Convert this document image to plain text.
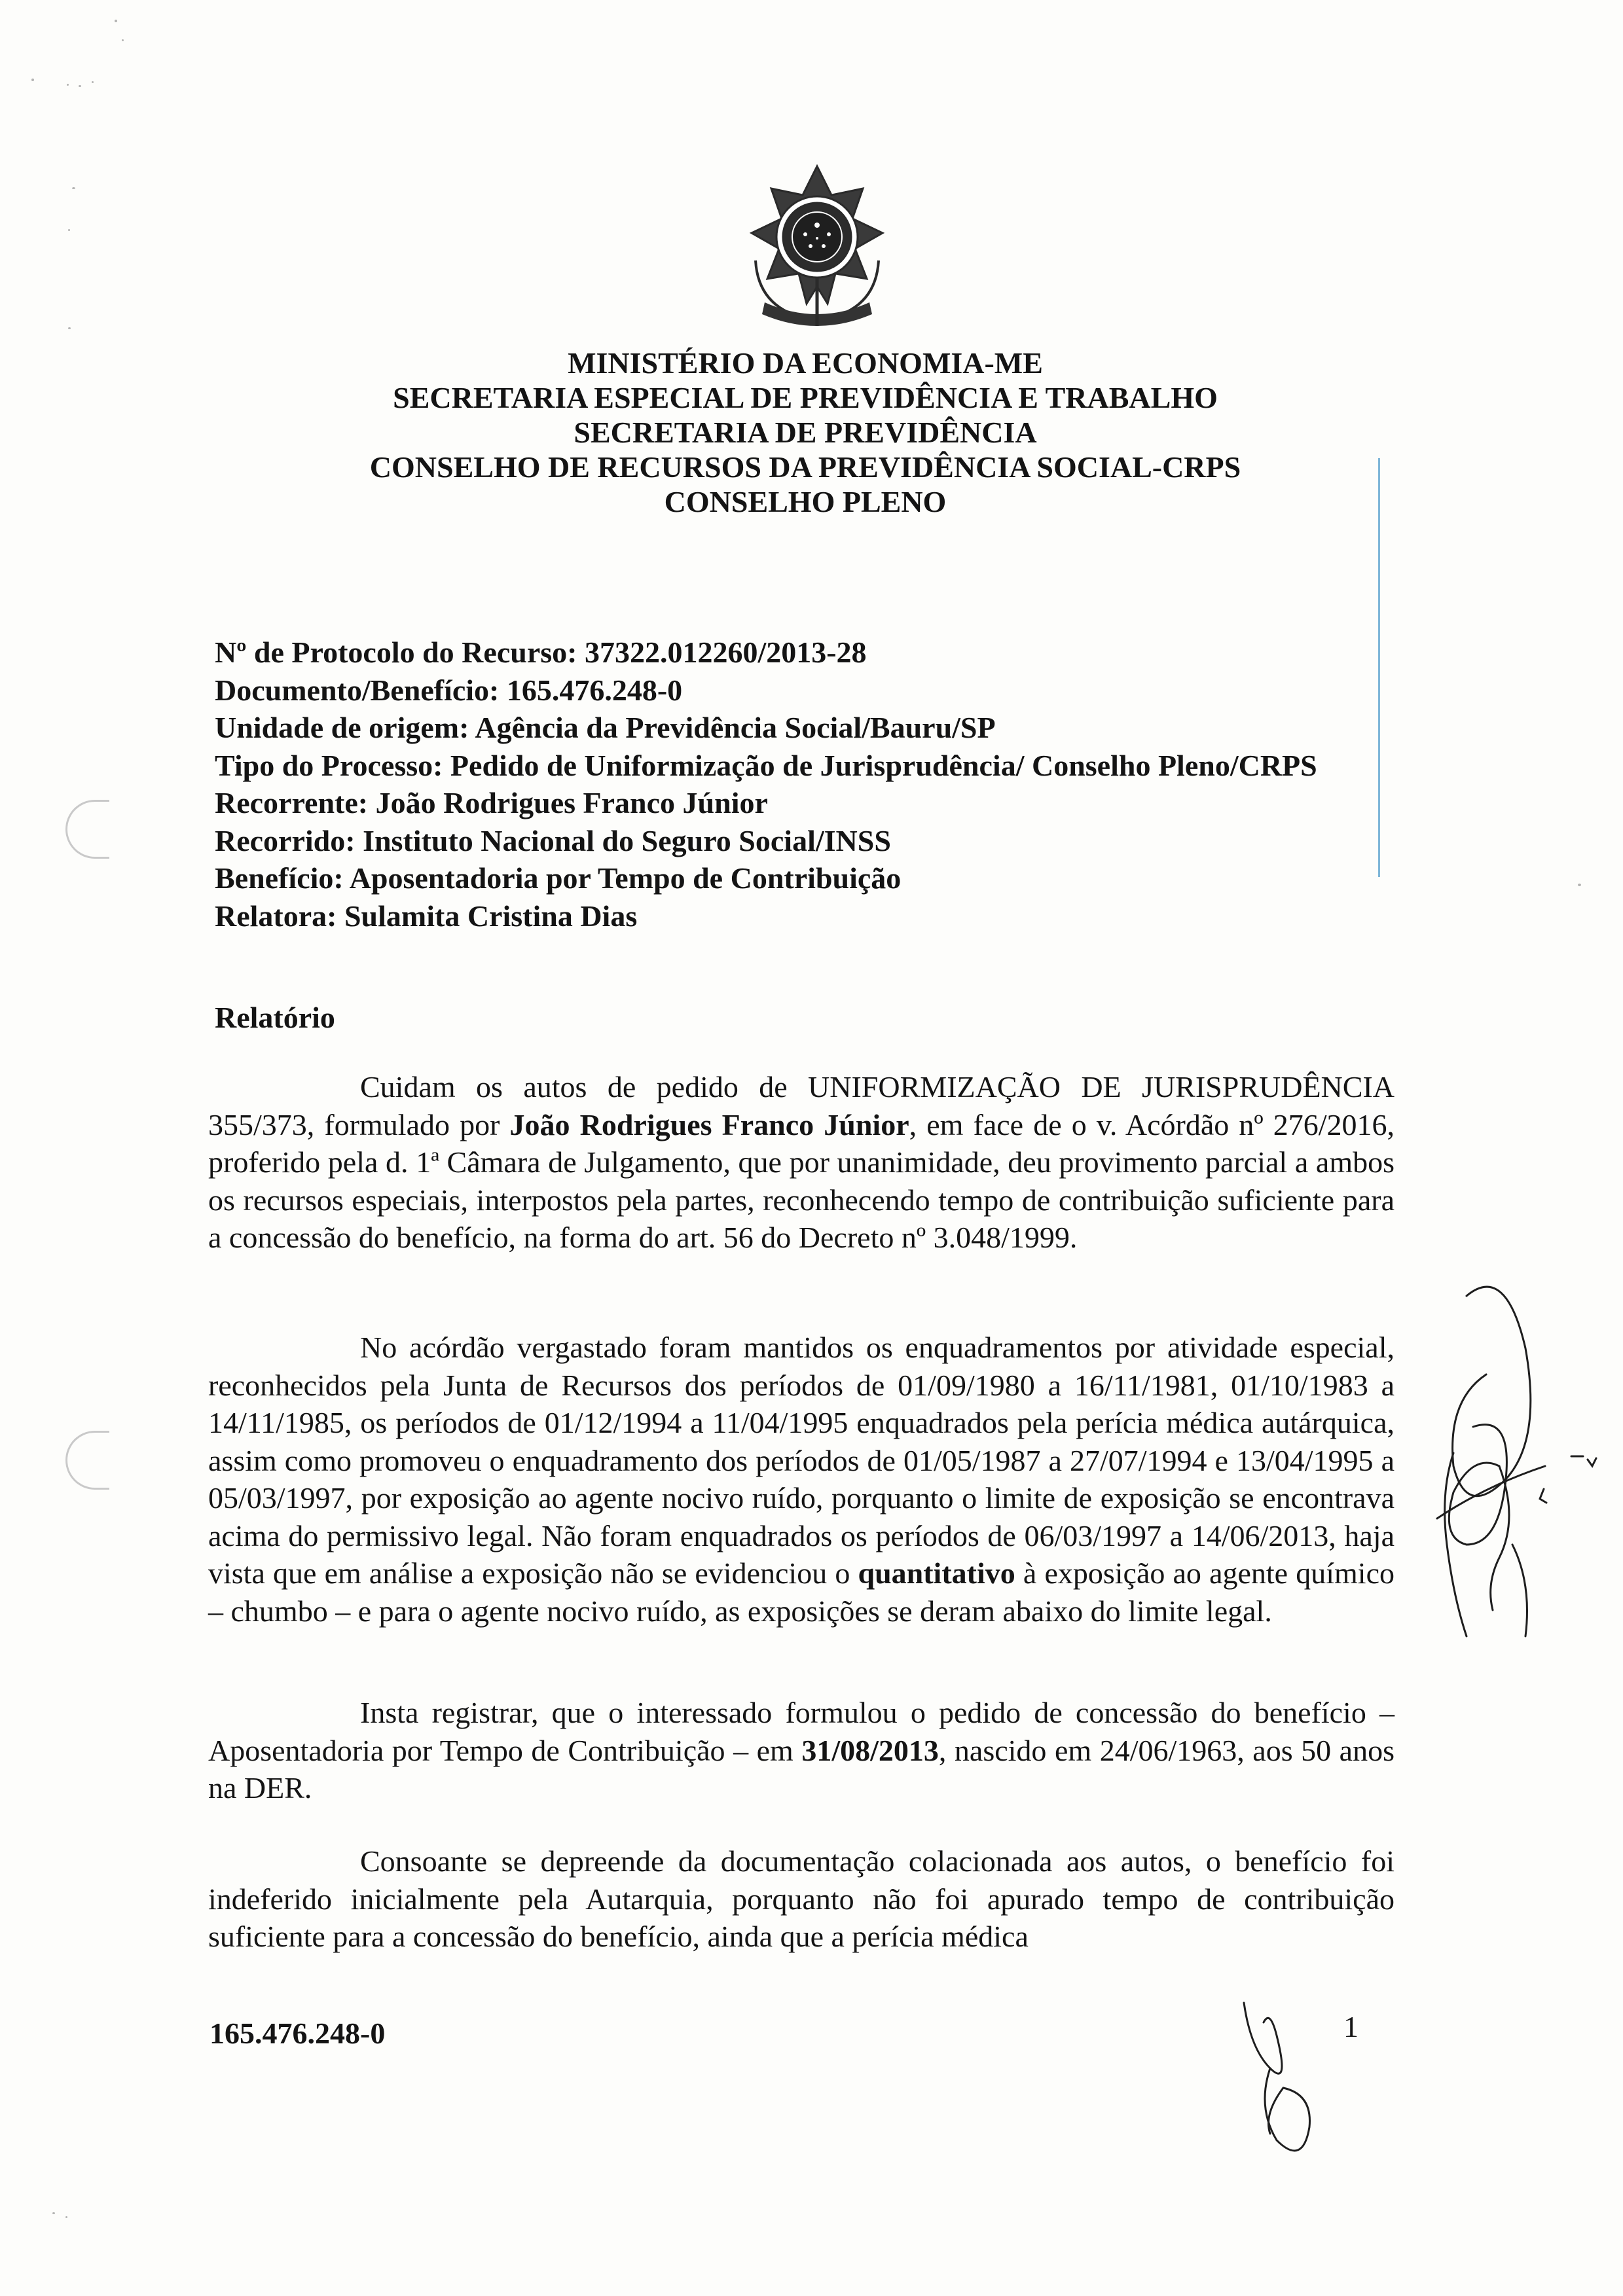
MINISTÉRIO DA ECONOMIA-ME
SECRETARIA ESPECIAL DE PREVIDÊNCIA E TRABALHO
SECRETARIA DE PREVIDÊNCIA
CONSELHO DE RECURSOS DA PREVIDÊNCIA SOCIAL-CRPS
CONSELHO PLENO
Nº de Protocolo do Recurso: 37322.012260/2013-28
Documento/Benefício: 165.476.248-0
Unidade de origem: Agência da Previdência Social/Bauru/SP
Tipo do Processo: Pedido de Uniformização de Jurisprudência/ Conselho Pleno/CRPS
Recorrente: João Rodrigues Franco Júnior
Recorrido: Instituto Nacional do Seguro Social/INSS
Benefício: Aposentadoria por Tempo de Contribuição
Relatora: Sulamita Cristina Dias
Relatório
Cuidam os autos de pedido de UNIFORMIZAÇÃO DE JURISPRUDÊNCIA 355/373, formulado por João Rodrigues Franco Júnior, em face de o v. Acórdão nº 276/2016, proferido pela d. 1ª Câmara de Julgamento, que por unanimidade, deu provimento parcial a ambos os recursos especiais, interpostos pela partes, reconhecendo tempo de contribuição suficiente para a concessão do benefício, na forma do art. 56 do Decreto nº 3.048/1999.
No acórdão vergastado foram mantidos os enquadramentos por atividade especial, reconhecidos pela Junta de Recursos dos períodos de 01/09/1980 a 16/11/1981, 01/10/1983 a 14/11/1985, os períodos de 01/12/1994 a 11/04/1995 enquadrados pela perícia médica autárquica, assim como promoveu o enquadramento dos períodos de 01/05/1987 a 27/07/1994 e 13/04/1995 a 05/03/1997, por exposição ao agente nocivo ruído, porquanto o limite de exposição se encontrava acima do permissivo legal. Não foram enquadrados os períodos de 06/03/1997 a 14/06/2013, haja vista que em análise a exposição não se evidenciou o quantitativo à exposição ao agente químico – chumbo – e para o agente nocivo ruído, as exposições se deram abaixo do limite legal.
Insta registrar, que o interessado formulou o pedido de concessão do benefício – Aposentadoria por Tempo de Contribuição – em 31/08/2013, nascido em 24/06/1963, aos 50 anos na DER.
Consoante se depreende da documentação colacionada aos autos, o benefício foi indeferido inicialmente pela Autarquia, porquanto não foi apurado tempo de contribuição suficiente para a concessão do benefício, ainda que a perícia médica
165.476.248-0	1
